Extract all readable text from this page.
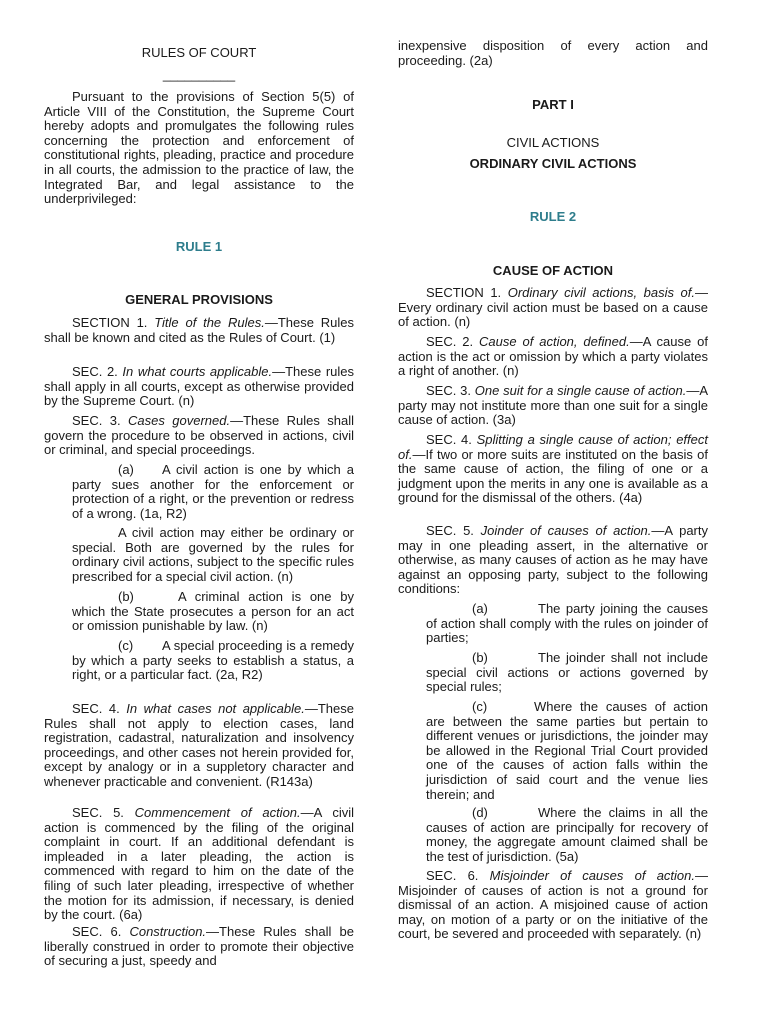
RULES OF COURT

__________

Pursuant to the provisions of Section 5(5) of Article VIII of the Constitution, the Supreme Court hereby adopts and promulgates the following rules concerning the protection and enforcement of constitutional rights, pleading, practice and procedure in all courts, the admission to the practice of law, the Integrated Bar, and legal assistance to the underprivileged:

RULE 1

GENERAL PROVISIONS

SECTION 1. Title of the Rules.—These Rules shall be known and cited as the Rules of Court. (1)

SEC. 2. In what courts applicable.—These rules shall apply in all courts, except as otherwise provided by the Supreme Court. (n)

SEC. 3. Cases governed.—These Rules shall govern the procedure to be observed in actions, civil or criminal, and special proceedings.

(a) A civil action is one by which a party sues another for the enforcement or protection of a right, or the prevention or redress of a wrong. (1a, R2)

A civil action may either be ordinary or special. Both are governed by the rules for ordinary civil actions, subject to the specific rules prescribed for a special civil action. (n)

(b)	A criminal action is one by which the State prosecutes a person for an act or omission punishable by law. (n)

(c) A special proceeding is a remedy by which a party seeks to establish a status, a right, or a particular fact. (2a, R2)

SEC. 4. In what cases not applicable.—These Rules shall not apply to election cases, land registration, cadastral, naturalization and insolvency proceedings, and other cases not herein provided for, except by analogy or in a suppletory character and whenever practicable and convenient. (R143a)

SEC. 5. Commencement of action.—A civil action is commenced by the filing of the original complaint in court. If an additional defendant is impleaded in a later pleading, the action is commenced with regard to him on the date of the filing of such later pleading, irrespective of whether the motion for its admission, if necessary, is denied by the court. (6a)

SEC. 6. Construction.—These Rules shall be liberally construed in order to promote their objective of securing a just, speedy and

inexpensive disposition of every action and proceeding. (2a)

PART I

CIVIL ACTIONS

ORDINARY CIVIL ACTIONS

RULE 2

CAUSE OF ACTION

SECTION 1. Ordinary civil actions, basis of.—Every ordinary civil action must be based on a cause of action. (n)

SEC. 2. Cause of action, defined.—A cause of action is the act or omission by which a party violates a right of another. (n)

SEC. 3. One suit for a single cause of action.—A party may not institute more than one suit for a single cause of action. (3a)

SEC. 4. Splitting a single cause of action; effect of.—If two or more suits are instituted on the basis of the same cause of action, the filing of one or a judgment upon the merits in any one is available as a ground for the dismissal of the others. (4a)

SEC. 5. Joinder of causes of action.—A party may in one pleading assert, in the alternative or otherwise, as many causes of action as he may have against an opposing party, subject to the following conditions:

(a)	The party joining the causes of action shall comply with the rules on joinder of parties;

(b)	The joinder shall not include special civil actions or actions governed by special rules;

(c)	Where the causes of action are between the same parties but pertain to different venues or jurisdictions, the joinder may be allowed in the Regional Trial Court provided one of the causes of action falls within the jurisdiction of said court and the venue lies therein; and

(d)	Where the claims in all the causes of action are principally for recovery of money, the aggregate amount claimed shall be the test of jurisdiction. (5a)

SEC. 6. Misjoinder of causes of action.—Misjoinder of causes of action is not a ground for dismissal of an action. A misjoined cause of action may, on motion of a party or on the initiative of the court, be severed and proceeded with separately. (n)
